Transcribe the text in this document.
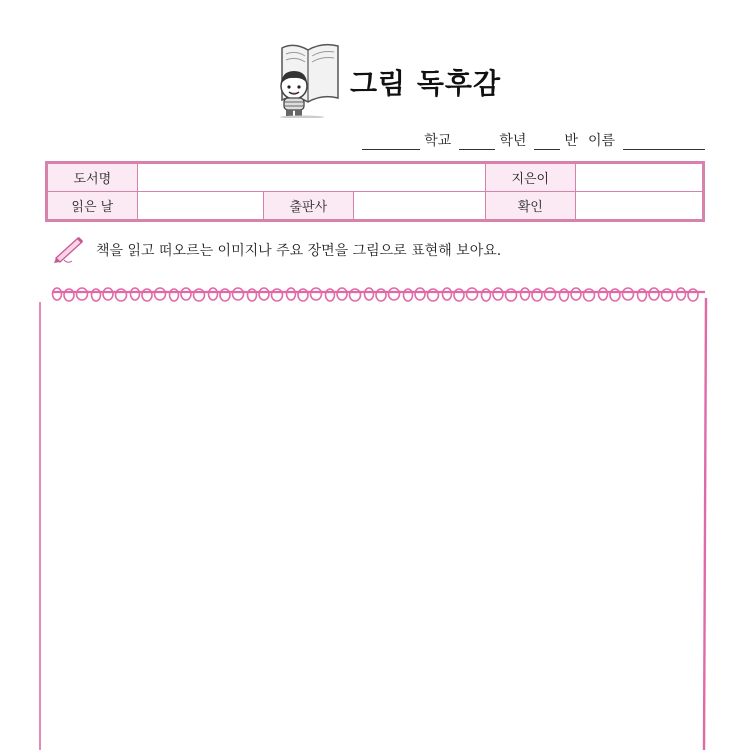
그림 독후감
학교	학년	반 이름
도서명				지은이	
읽은 날		출판사		확인	
책을 읽고 떠오르는 이미지나 주요 장면을 그림으로 표현해 보아요.
